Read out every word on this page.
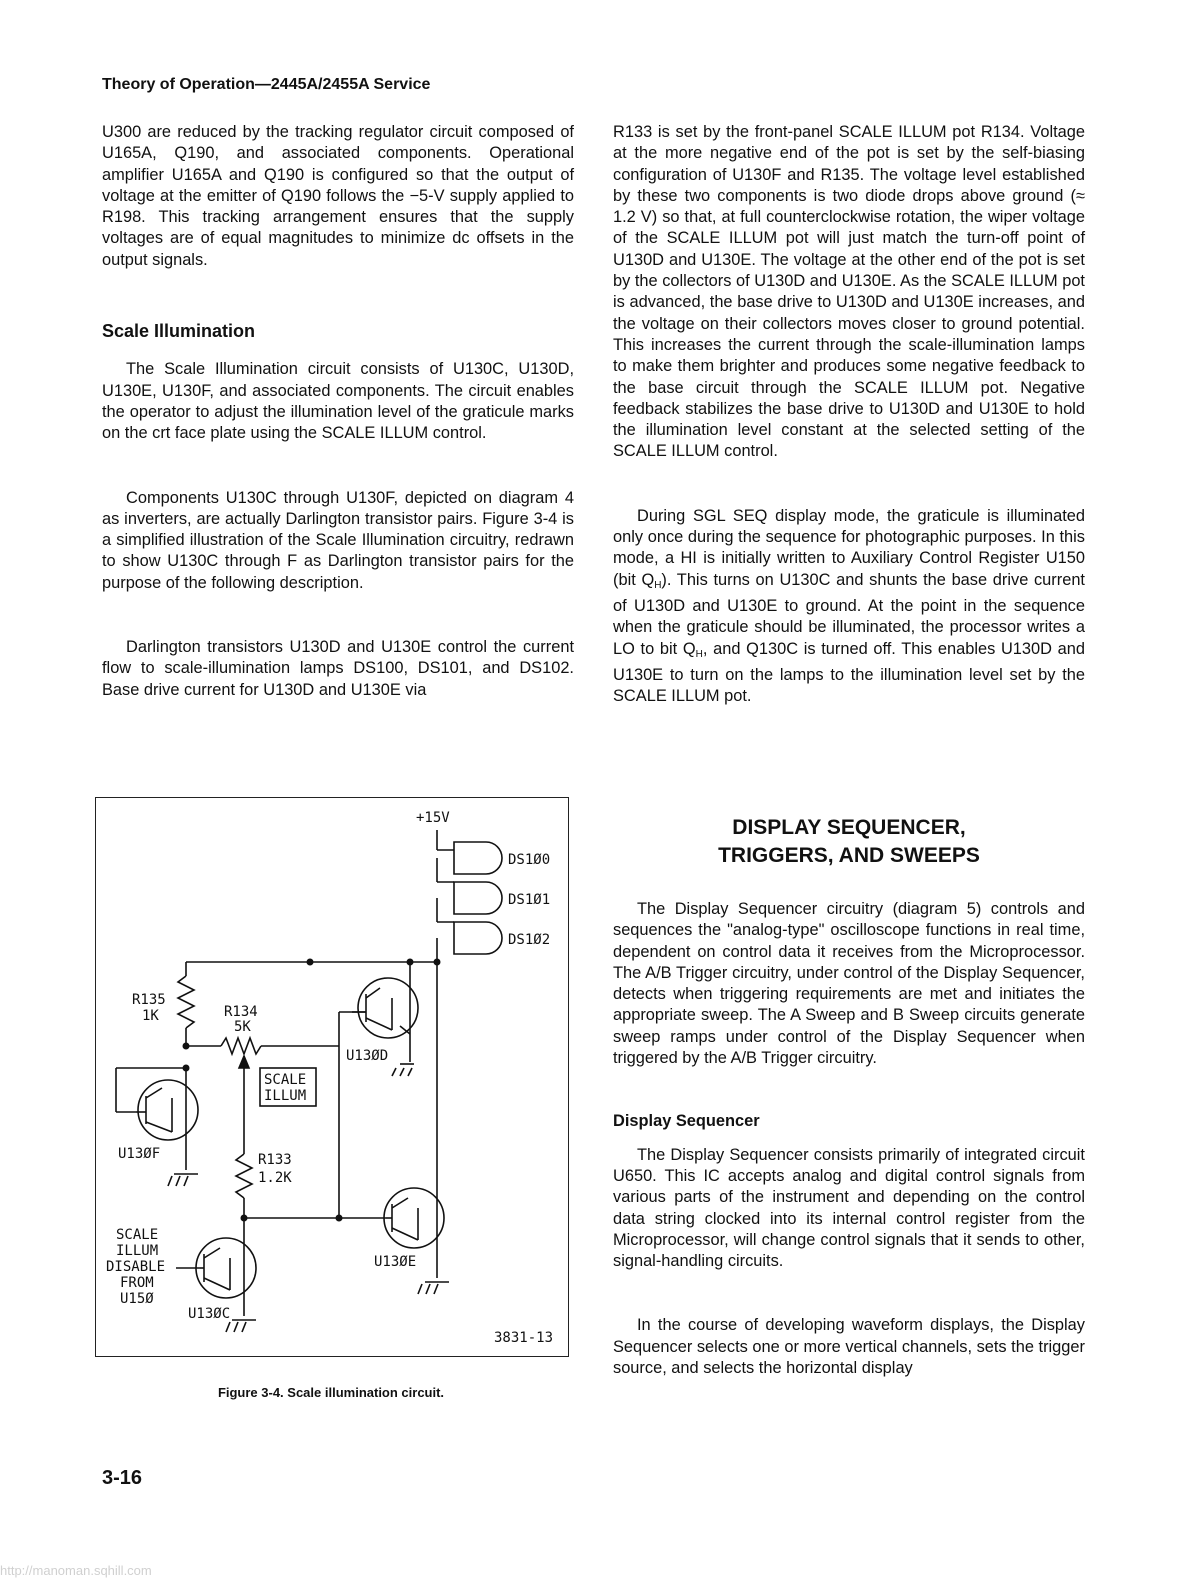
Theory of Operation—2445A/2455A Service

U300 are reduced by the tracking regulator circuit composed of U165A, Q190, and associated components. Operational amplifier U165A and Q190 is configured so that the output of voltage at the emitter of Q190 follows the −5-V supply applied to R198. This tracking arrangement ensures that the supply voltages are of equal magnitudes to minimize dc offsets in the output signals.

Scale Illumination

The Scale Illumination circuit consists of U130C, U130D, U130E, U130F, and associated components. The circuit enables the operator to adjust the illumination level of the graticule marks on the crt face plate using the SCALE ILLUM control.

Components U130C through U130F, depicted on diagram 4 as inverters, are actually Darlington transistor pairs. Figure 3-4 is a simplified illustration of the Scale Illumination circuitry, redrawn to show U130C through F as Darlington transistor pairs for the purpose of the following description.

Darlington transistors U130D and U130E control the current flow to scale-illumination lamps DS100, DS101, and DS102. Base drive current for U130D and U130E via

R133 is set by the front-panel SCALE ILLUM pot R134. Voltage at the more negative end of the pot is set by the self-biasing configuration of U130F and R135. The voltage level established by these two components is two diode drops above ground (≈ 1.2 V) so that, at full counterclockwise rotation, the wiper voltage of the SCALE ILLUM pot will just match the turn-off point of U130D and U130E. The voltage at the other end of the pot is set by the collectors of U130D and U130E. As the SCALE ILLUM pot is advanced, the base drive to U130D and U130E increases, and the voltage on their collectors moves closer to ground potential. This increases the current through the scale-illumination lamps to make them brighter and produces some negative feedback to the base circuit through the SCALE ILLUM pot. Negative feedback stabilizes the base drive to U130D and U130E to hold the illumination level constant at the selected setting of the SCALE ILLUM control.

During SGL SEQ display mode, the graticule is illuminated only once during the sequence for photographic purposes. In this mode, a HI is initially written to Auxiliary Control Register U150 (bit $Q_H$). This turns on U130C and shunts the base drive current of U130D and U130E to ground. At the point in the sequence when the graticule should be illuminated, the processor writes a LO to bit $Q_H$, and Q130C is turned off. This enables U130D and U130E to turn on the lamps to the illumination level set by the SCALE ILLUM pot.

DISPLAY SEQUENCER,
TRIGGERS, AND SWEEPS

The Display Sequencer circuitry (diagram 5) controls and sequences the "analog-type" oscilloscope functions in real time, dependent on control data it receives from the Microprocessor. The A/B Trigger circuitry, under control of the Display Sequencer, detects when triggering requirements are met and initiates the appropriate sweep. The A Sweep and B Sweep circuits generate sweep ramps under control of the Display Sequencer when triggered by the A/B Trigger circuitry.

Display Sequencer

The Display Sequencer consists primarily of integrated circuit U650. This IC accepts analog and digital control signals from various parts of the instrument and depending on the control data string clocked into its internal control register from the Microprocessor, will change control signals that it sends to other, signal-handling circuits.

In the course of developing waveform displays, the Display Sequencer selects one or more vertical channels, sets the trigger source, and selects the horizontal display

+15V
DS1Ø0
DS1Ø1
DS1Ø2
R135
1K	R134
5K
SCALE
ILLUM
U13ØD
U13ØF	R133
1.2K
U13ØE
U13ØC
SCALE
ILLUM
DISABLE
FROM
U15Ø
3831-13
Figure 3-4. Scale illumination circuit.
3-16
http://manoman.sqhill.com
